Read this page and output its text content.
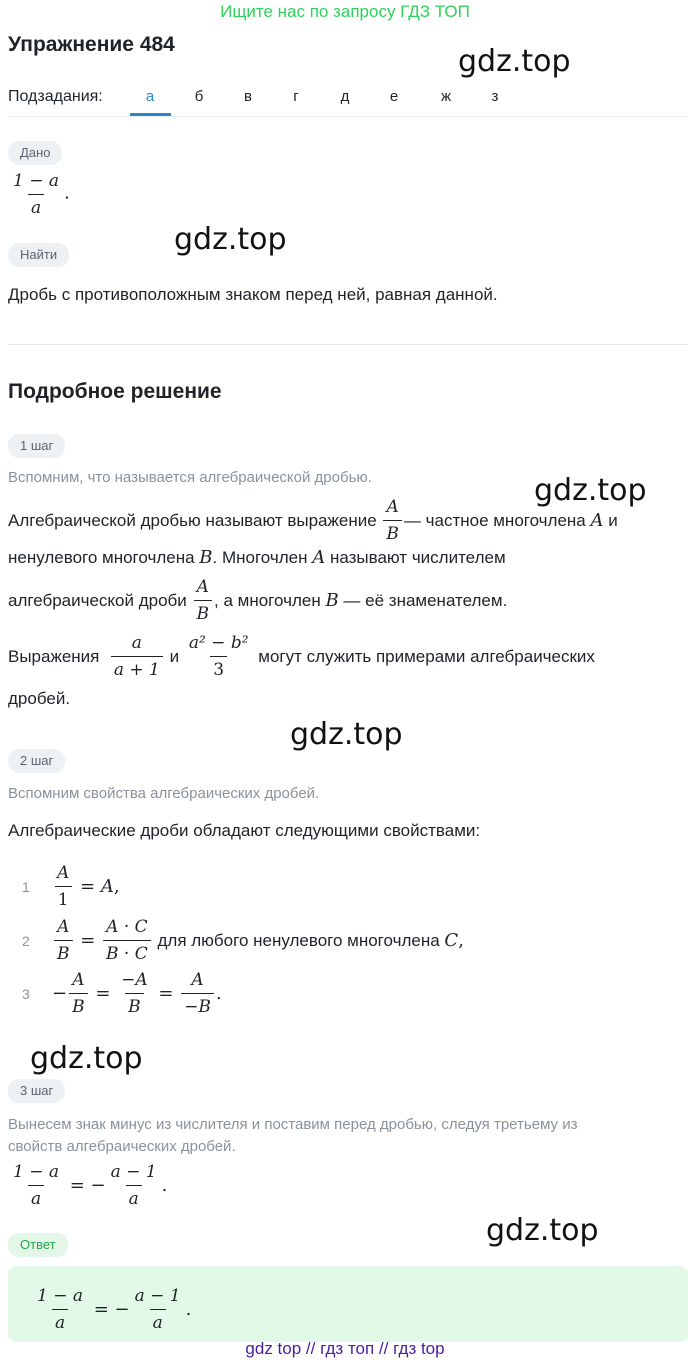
Ищите нас по запросу ГДЗ ТОП
Упражнение 484	gdz.top
Подзадания:	а	б	в	г	д	е	ж	з
Дано
$\frac{1 - a}{a}$ .
gdz.top
Найти
Дробь с противоположным знаком перед ней, равная данной.
Подробное решение
1 шаг
Вспомним, что называется алгебраической дробью.	gdz.top
Алгебраической дробью называют выражение
$\frac{A}{B}$ — частное многочлена
A
и
ненулевого многочлена
B . Многочлен
A
называют числителем
алгебраической дроби
$\frac{A}{B}$ , а многочлен
B
— её знаменателем.
Выражения
$\frac{a}{a + 1}$
и
$\frac{\text{a² − b²}}{3}$
могут служить примерами алгебраических
дробей.
gdz.top
2 шаг
Вспомним свойства алгебраических дробей.
Алгебраические дроби обладают следующими свойствами:
1	$\frac{A}{1} = A$ ,
2	$\frac{A}{B} = \frac{A \cdot C}{B \cdot C}$
для любого ненулевого многочлена
C ,
3	− $\frac{A}{B} = \frac{-A}{B} = \frac{A}{-B}$ .
gdz.top
3 шаг
Вынесем знак минус из числителя и поставим перед дробью, следуя третьему из
свойств алгебраических дробей.
$\frac{1 - a}{a}$ = − $\frac{a - 1}{a}$ .
gdz.top
Ответ
$\frac{1 - a}{a}$ = − $\frac{a - 1}{a}$ .
gdz top // гдз топ // гдз top
